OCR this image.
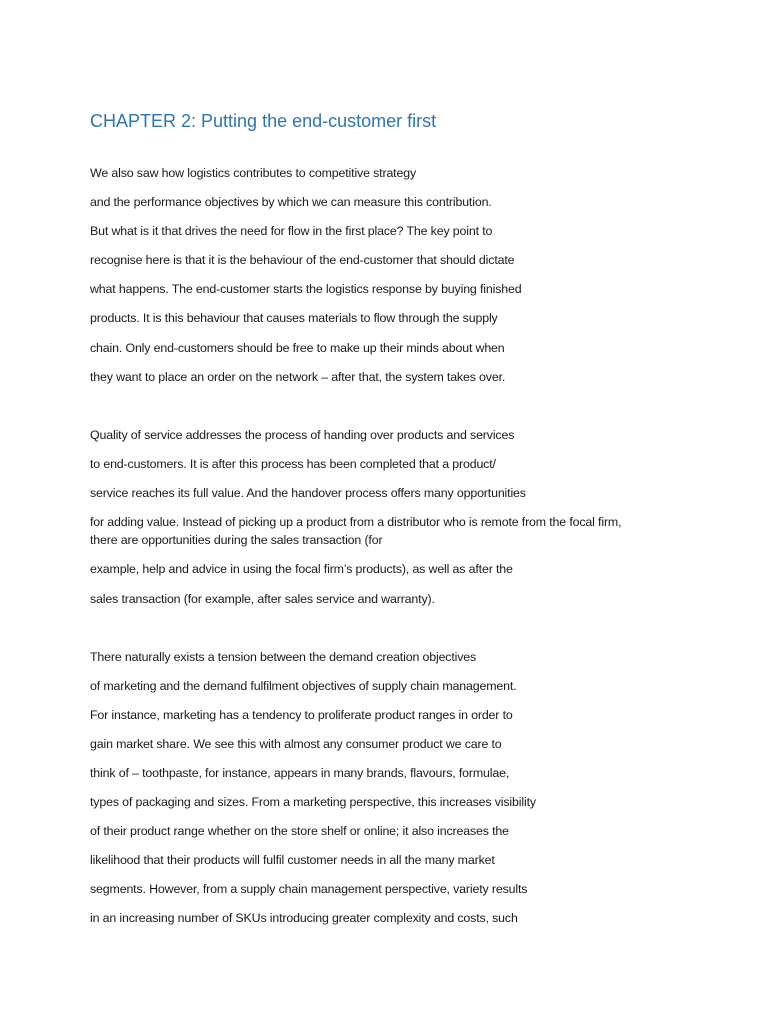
CHAPTER 2: Putting the end-customer first

We also saw how logistics contributes to competitive strategy

and the performance objectives by which we can measure this contribution.

But what is it that drives the need for flow in the first place? The key point to

recognise here is that it is the behaviour of the end-customer that should dictate

what happens. The end-customer starts the logistics response by buying finished

products. It is this behaviour that causes materials to flow through the supply

chain. Only end-customers should be free to make up their minds about when

they want to place an order on the network – after that, the system takes over.

Quality of service addresses the process of handing over products and services

to end-customers. It is after this process has been completed that a product/

service reaches its full value. And the handover process offers many opportunities

for adding value. Instead of picking up a product from a distributor who is remote from the focal firm,

there are opportunities during the sales transaction (for

example, help and advice in using the focal firm’s products), as well as after the

sales transaction (for example, after sales service and warranty).

There naturally exists a tension between the demand creation objectives

of marketing and the demand fulfilment objectives of supply chain management.

For instance, marketing has a tendency to proliferate product ranges in order to

gain market share. We see this with almost any consumer product we care to

think of – toothpaste, for instance, appears in many brands, flavours, formulae,

types of packaging and sizes. From a marketing perspective, this increases visibility

of their product range whether on the store shelf or online; it also increases the

likelihood that their products will fulfil customer needs in all the many market

segments. However, from a supply chain management perspective, variety results

in an increasing number of SKUs introducing greater complexity and costs, such
